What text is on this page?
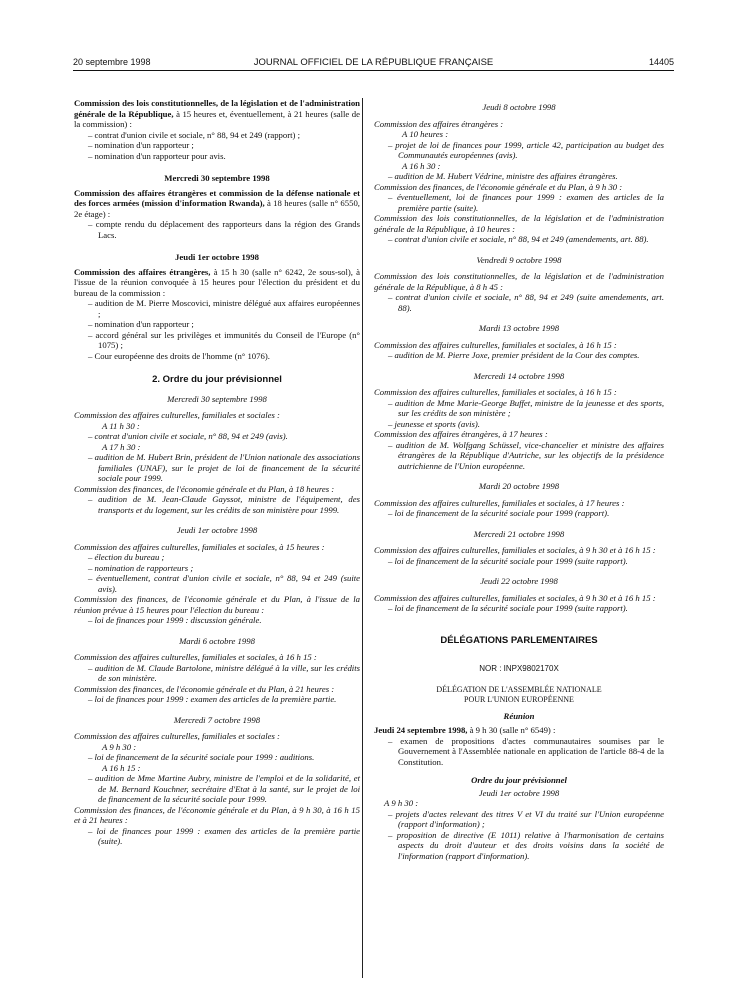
20 septembre 1998	JOURNAL OFFICIEL DE LA RÉPUBLIQUE FRANÇAISE	14405

Commission des lois constitutionnelles, de la législation et de l'administration générale de la République, à 15 heures et, éventuellement, à 21 heures (salle de la commission) :

– contrat d'union civile et sociale, n° 88, 94 et 249 (rapport) ;
– nomination d'un rapporteur ;
– nomination d'un rapporteur pour avis.

Mercredi 30 septembre 1998

Commission des affaires étrangères et commission de la défense nationale et des forces armées (mission d'information Rwanda), à 18 heures (salle n° 6550, 2e étage) :

– compte rendu du déplacement des rapporteurs dans la région des Grands Lacs.

Jeudi 1er octobre 1998

Commission des affaires étrangères, à 15 h 30 (salle n° 6242, 2e sous-sol), à l'issue de la réunion convoquée à 15 heures pour l'élection du président et du bureau de la commission :

– audition de M. Pierre Moscovici, ministre délégué aux affaires européennes ;
– nomination d'un rapporteur ;
– accord général sur les privilèges et immunités du Conseil de l'Europe (n° 1075) ;
– Cour européenne des droits de l'homme (n° 1076).

2. Ordre du jour prévisionnel

Mercredi 30 septembre 1998

Commission des affaires culturelles, familiales et sociales :

A 11 h 30 :

– contrat d'union civile et sociale, n° 88, 94 et 249 (avis).

A 17 h 30 :

– audition de M. Hubert Brin, président de l'Union nationale des associations familiales (UNAF), sur le projet de loi de financement de la sécurité sociale pour 1999.

Commission des finances, de l'économie générale et du Plan, à 18 heures :

– audition de M. Jean-Claude Gayssot, ministre de l'équipement, des transports et du logement, sur les crédits de son ministère pour 1999.

Jeudi 1er octobre 1998

Commission des affaires culturelles, familiales et sociales, à 15 heures :

– élection du bureau ;
– nomination de rapporteurs ;
– éventuellement, contrat d'union civile et sociale, n° 88, 94 et 249 (suite avis).

Commission des finances, de l'économie générale et du Plan, à l'issue de la réunion prévue à 15 heures pour l'élection du bureau :

– loi de finances pour 1999 : discussion générale.

Mardi 6 octobre 1998

Commission des affaires culturelles, familiales et sociales, à 16 h 15 :

– audition de M. Claude Bartolone, ministre délégué à la ville, sur les crédits de son ministère.

Commission des finances, de l'économie générale et du Plan, à 21 heures :

– loi de finances pour 1999 : examen des articles de la première partie.

Mercredi 7 octobre 1998

Commission des affaires culturelles, familiales et sociales :

A 9 h 30 :

– loi de financement de la sécurité sociale pour 1999 : auditions.

A 16 h 15 :

– audition de Mme Martine Aubry, ministre de l'emploi et de la solidarité, et de M. Bernard Kouchner, secrétaire d'Etat à la santé, sur le projet de loi de financement de la sécurité sociale pour 1999.

Commission des finances, de l'économie générale et du Plan, à 9 h 30, à 16 h 15 et à 21 heures :

– loi de finances pour 1999 : examen des articles de la première partie (suite).

Jeudi 8 octobre 1998

Commission des affaires étrangères :

A 10 heures :

– projet de loi de finances pour 1999, article 42, participation au budget des Communautés européennes (avis).

A 16 h 30 :

– audition de M. Hubert Védrine, ministre des affaires étrangères.

Commission des finances, de l'économie générale et du Plan, à 9 h 30 :

– éventuellement, loi de finances pour 1999 : examen des articles de la première partie (suite).

Commission des lois constitutionnelles, de la législation et de l'administration générale de la République, à 10 heures :

– contrat d'union civile et sociale, n° 88, 94 et 249 (amendements, art. 88).

Vendredi 9 octobre 1998

Commission des lois constitutionnelles, de la législation et de l'administration générale de la République, à 8 h 45 :

– contrat d'union civile et sociale, n° 88, 94 et 249 (suite amendements, art. 88).

Mardi 13 octobre 1998

Commission des affaires culturelles, familiales et sociales, à 16 h 15 :

– audition de M. Pierre Joxe, premier président de la Cour des comptes.

Mercredi 14 octobre 1998

Commission des affaires culturelles, familiales et sociales, à 16 h 15 :

– audition de Mme Marie-George Buffet, ministre de la jeunesse et des sports, sur les crédits de son ministère ;
– jeunesse et sports (avis).

Commission des affaires étrangères, à 17 heures :

– audition de M. Wolfgang Schüssel, vice-chancelier et ministre des affaires étrangères de la République d'Autriche, sur les objectifs de la présidence autrichienne de l'Union européenne.

Mardi 20 octobre 1998

Commission des affaires culturelles, familiales et sociales, à 17 heures :

– loi de financement de la sécurité sociale pour 1999 (rapport).

Mercredi 21 octobre 1998

Commission des affaires culturelles, familiales et sociales, à 9 h 30 et à 16 h 15 :

– loi de financement de la sécurité sociale pour 1999 (suite rapport).

Jeudi 22 octobre 1998

Commission des affaires culturelles, familiales et sociales, à 9 h 30 et à 16 h 15 :

– loi de financement de la sécurité sociale pour 1999 (suite rapport).

DÉLÉGATIONS PARLEMENTAIRES

NOR : INPX9802170X

DÉLÉGATION DE L'ASSEMBLÉE NATIONALE

POUR L'UNION EUROPÉENNE

Réunion

Jeudi 24 septembre 1998, à 9 h 30 (salle n° 6549) :

– examen de propositions d'actes communautaires soumises par le Gouvernement à l'Assemblée nationale en application de l'article 88-4 de la Constitution.

Ordre du jour prévisionnel

Jeudi 1er octobre 1998

A 9 h 30 :

– projets d'actes relevant des titres V et VI du traité sur l'Union européenne (rapport d'information) ;
– proposition de directive (E 1011) relative à l'harmonisation de certains aspects du droit d'auteur et des droits voisins dans la société de l'information (rapport d'information).
